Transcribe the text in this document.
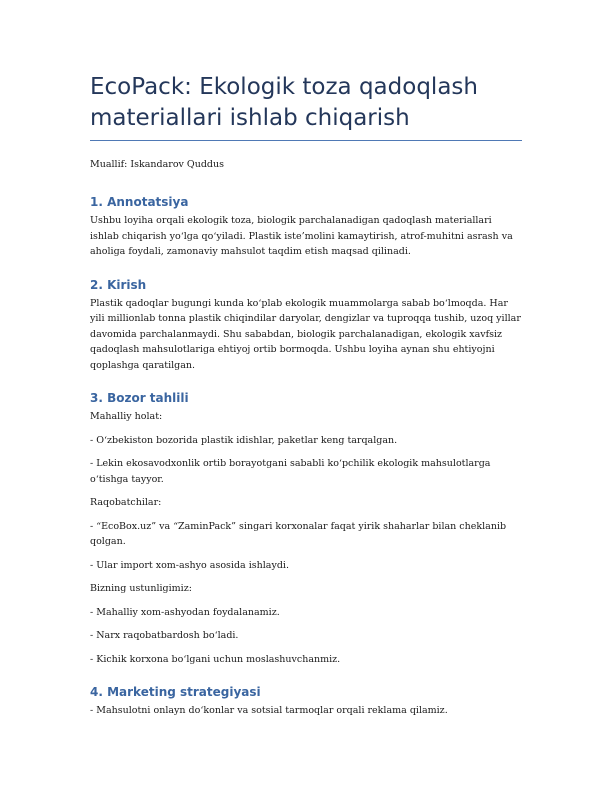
EcoPack: Ekologik toza qadoqlash materiallari ishlab chiqarish

Muallif: Iskandarov Quddus

1. Annotatsiya

Ushbu loyiha orqali ekologik toza, biologik parchalanadigan qadoqlash materiallari ishlab chiqarish yo‘lga qo‘yiladi. Plastik iste’molini kamaytirish, atrof-muhitni asrash va aholiga foydali, zamonaviy mahsulot taqdim etish maqsad qilinadi.

2. Kirish

Plastik qadoqlar bugungi kunda ko‘plab ekologik muammolarga sabab bo‘lmoqda. Har yili millionlab tonna plastik chiqindilar daryolar, dengizlar va tuproqqa tushib, uzoq yillar davomida parchalanmaydi. Shu sababdan, biologik parchalanadigan, ekologik xavfsiz qadoqlash mahsulotlariga ehtiyoj ortib bormoqda. Ushbu loyiha aynan shu ehtiyojni qoplashga qaratilgan.

3. Bozor tahlili

Mahalliy holat:

- O‘zbekiston bozorida plastik idishlar, paketlar keng tarqalgan.

- Lekin ekosavodxonlik ortib borayotgani sababli ko‘pchilik ekologik mahsulotlarga o‘tishga tayyor.

Raqobatchilar:

- “EcoBox.uz” va “ZaminPack” singari korxonalar faqat yirik shaharlar bilan cheklanib qolgan.

- Ular import xom-ashyo asosida ishlaydi.

Bizning ustunligimiz:

- Mahalliy xom-ashyodan foydalanamiz.

- Narx raqobatbardosh bo‘ladi.

- Kichik korxona bo‘lgani uchun moslashuvchanmiz.

4. Marketing strategiyasi

- Mahsulotni onlayn do‘konlar va sotsial tarmoqlar orqali reklama qilamiz.
